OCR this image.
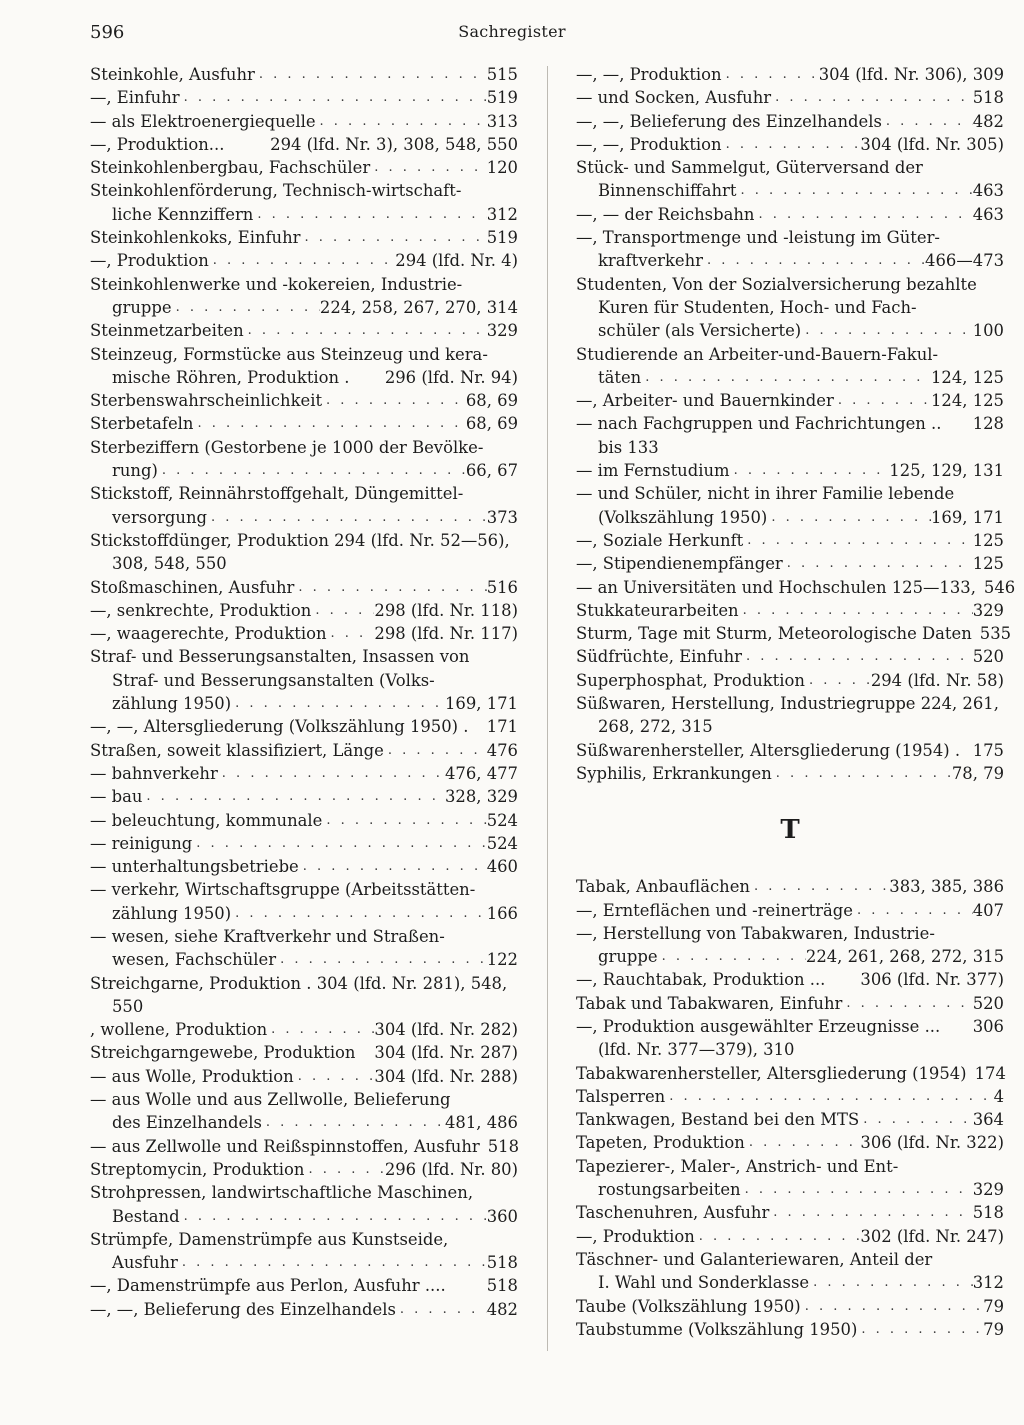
596	Sachregister
Steinkohle, Ausfuhr . . .	515
—, Einfuhr . . .	519
— als Elektroenergiequelle . . .	313
—, Produktion...	294 (lfd. Nr. 3), 308, 548, 550
Steinkohlenbergbau, Fachschüler . . .	120
Steinkohlenförderung, Technisch-wirtschaft-
liche Kennziffern . . .	312
Steinkohlenkoks, Einfuhr . . .	519
—, Produktion . . .	294 (lfd. Nr. 4)
Steinkohlenwerke und -kokereien, Industrie-
gruppe . . .	224, 258, 267, 270, 314
Steinmetzarbeiten . . .	329
Steinzeug, Formstücke aus Steinzeug und kera-
mische Röhren, Produktion . 296 (lfd. Nr. 94)
Sterbenswahrscheinlichkeit . . .	68, 69
Sterbetafeln . . .	68, 69
Sterbeziffern (Gestorbene je 1000 der Bevölke-
rung) . . .	66, 67
Stickstoff, Reinnährstoffgehalt, Düngemittel-
versorgung . . .	373
Stickstoffdünger, Produktion 294 (lfd. Nr. 52—56),
308, 548, 550
Stoßmaschinen, Ausfuhr . . .	516
—, senkrechte, Produktion . . .	298 (lfd. Nr. 118)
—, waagerechte, Produktion . . .	298 (lfd. Nr. 117)
Straf- und Besserungsanstalten, Insassen von
Straf- und Besserungsanstalten (Volks-
zählung 1950) . . .	169, 171
—, —, Altersgliederung (Volkszählung 1950) . 171
Straßen, soweit klassifiziert, Länge . . .	476
— bahnverkehr . . .	476, 477
— bau . . .	328, 329
— beleuchtung, kommunale . . .	524
— reinigung . . .	524
— unterhaltungsbetriebe . . .	460
— verkehr, Wirtschaftsgruppe (Arbeitsstätten-
zählung 1950) . . .	166
— wesen, siehe Kraftverkehr und Straßen-
wesen, Fachschüler . . .	122
Streichgarne, Produktion . 304 (lfd. Nr. 281), 548,
550
, wollene, Produktion . . .	304 (lfd. Nr. 282)
Streichgarngewebe, Produktion 304 (lfd. Nr. 287)
— aus Wolle, Produktion . . .	304 (lfd. Nr. 288)
— aus Wolle und aus Zellwolle, Belieferung
des Einzelhandels . . .	481, 486
— aus Zellwolle und Reißspinnstoffen, Ausfuhr 518
Streptomycin, Produktion . . .	296 (lfd. Nr. 80)
Strohpressen, landwirtschaftliche Maschinen,
Bestand . . .	360
Strümpfe, Damenstrümpfe aus Kunstseide,
Ausfuhr . . .	518
—, Damenstrümpfe aus Perlon, Ausfuhr ....	518
—, —, Belieferung des Einzelhandels . . .	482
—, —, Produktion . . .	304 (lfd. Nr. 306), 309
— und Socken, Ausfuhr . . .	518
—, —, Belieferung des Einzelhandels . . .	482
—, —, Produktion . . .	304 (lfd. Nr. 305)
Stück- und Sammelgut, Güterversand der
Binnenschiffahrt . . .	463
—, — der Reichsbahn . . .	463
—, Transportmenge und -leistung im Güter-
kraftverkehr . . .	466—473
Studenten, Von der Sozialversicherung bezahlte
Kuren für Studenten, Hoch- und Fach-
schüler (als Versicherte) . . .	100
Studierende an Arbeiter-und-Bauern-Fakul-
täten . . .	124, 125
—, Arbeiter- und Bauernkinder . . .	124, 125
— nach Fachgruppen und Fachrichtungen .. 128
bis 133
— im Fernstudium . . .	125, 129, 131
— und Schüler, nicht in ihrer Familie lebende
(Volkszählung 1950) . . .	169, 171
—, Soziale Herkunft . . .	125
—, Stipendienempfänger . . .	125
— an Universitäten und Hochschulen 125—133, 546
Stukkateurarbeiten . . .	329
Sturm, Tage mit Sturm, Meteorologische Daten 535
Südfrüchte, Einfuhr . . .	520
Superphosphat, Produktion . . .	294 (lfd. Nr. 58)
Süßwaren, Herstellung, Industriegruppe 224, 261,
268, 272, 315
Süßwarenhersteller, Altersgliederung (1954) . 175
Syphilis, Erkrankungen . . .	78, 79
T
Tabak, Anbauflächen . . .	383, 385, 386
—, Ernteflächen und -reinerträge . . .	407
—, Herstellung von Tabakwaren, Industrie-
gruppe . . .	224, 261, 268, 272, 315
—, Rauchtabak, Produktion ... 306 (lfd. Nr. 377)
Tabak und Tabakwaren, Einfuhr . . .	520
—, Produktion ausgewählter Erzeugnisse ... 306
(lfd. Nr. 377—379), 310
Tabakwarenhersteller, Altersgliederung (1954) 174
Talsperren . . .	4
Tankwagen, Bestand bei den MTS . . .	364
Tapeten, Produktion . . .	306 (lfd. Nr. 322)
Tapezierer-, Maler-, Anstrich- und Ent-
rostungsarbeiten . . .	329
Taschenuhren, Ausfuhr . . .	518
—, Produktion . . .	302 (lfd. Nr. 247)
Täschner- und Galanteriewaren, Anteil der
I. Wahl und Sonderklasse . . .	312
Taube (Volkszählung 1950) . . .	79
Taubstumme (Volkszählung 1950) . . .	79
